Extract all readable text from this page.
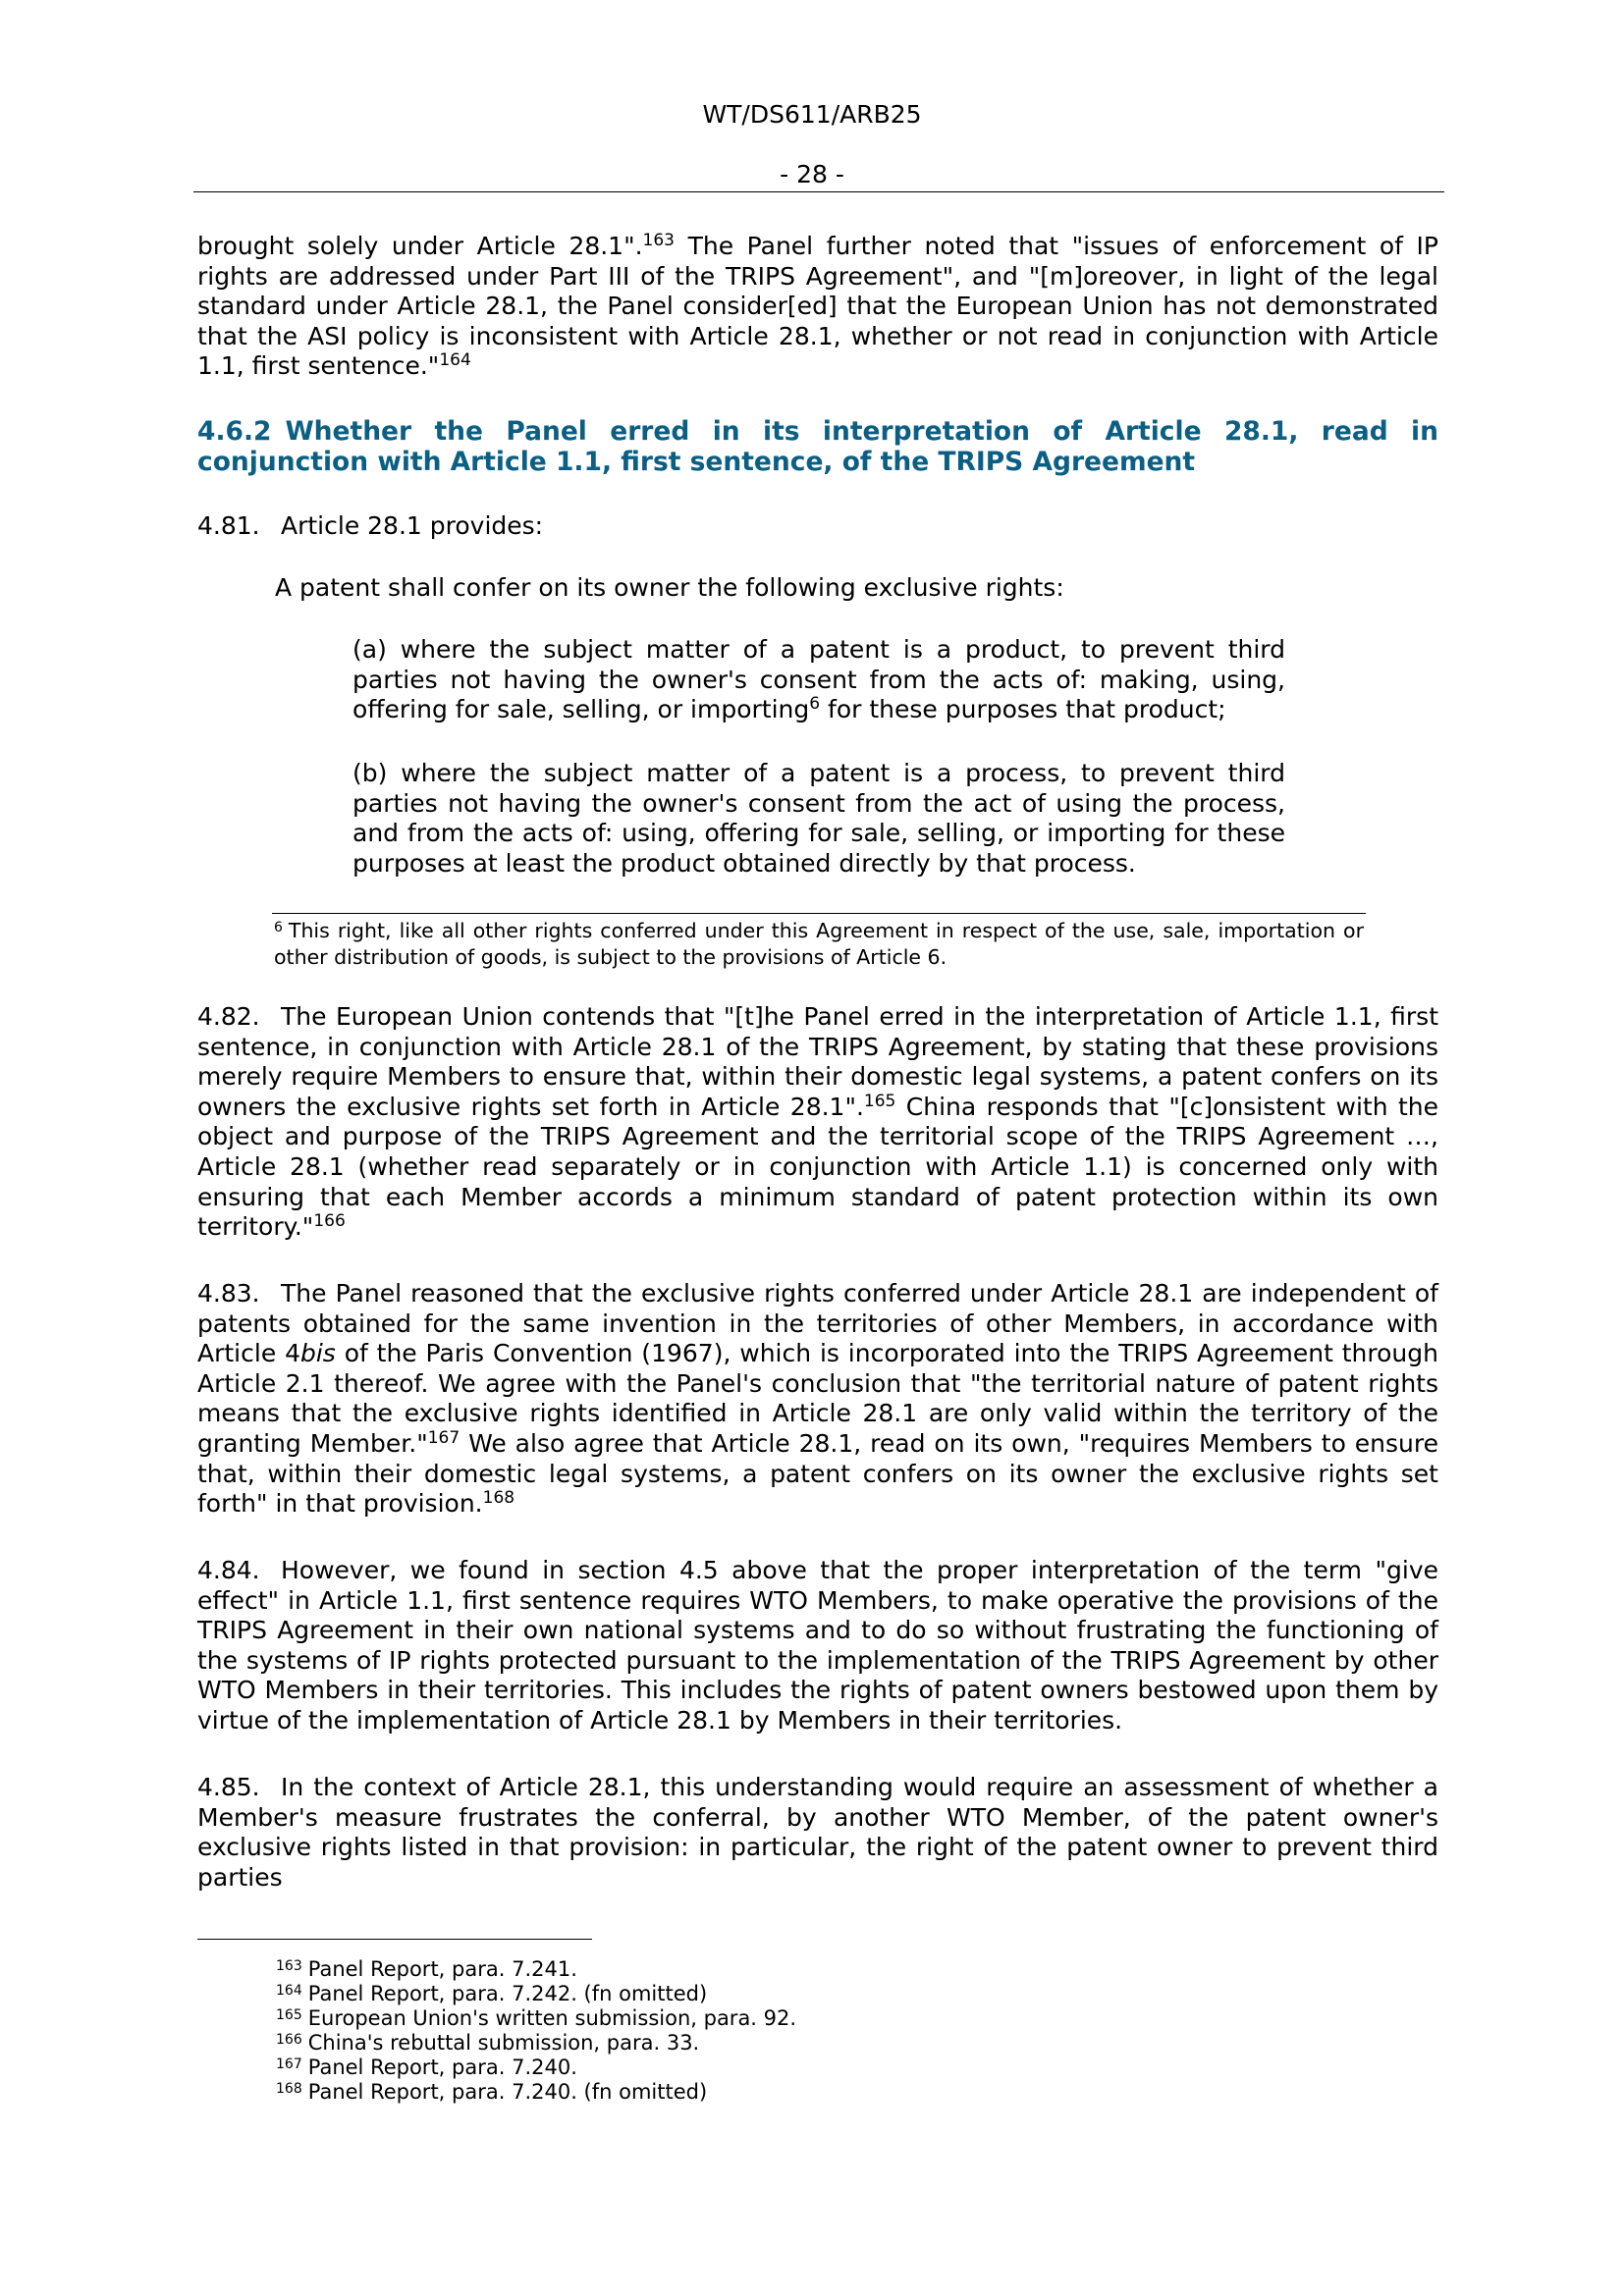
WT/DS611/ARB25
- 28 -

brought solely under Article 28.1".$^{163}$ The Panel further noted that "issues of enforcement of IP rights are addressed under Part III of the TRIPS Agreement", and "[m]oreover, in light of the legal standard under Article 28.1, the Panel consider[ed] that the European Union has not demonstrated that the ASI policy is inconsistent with Article 28.1, whether or not read in conjunction with Article 1.1, first sentence."$^{164}$

4.6.2 Whether the Panel erred in its interpretation of Article 28.1, read in conjunction with Article 1.1, first sentence, of the TRIPS Agreement

4.81. Article 28.1 provides:

A patent shall confer on its owner the following exclusive rights:

(a) where the subject matter of a patent is a product, to prevent third parties not having the owner's consent from the acts of: making, using, offering for sale, selling, or importing$^6$ for these purposes that product;

(b) where the subject matter of a patent is a process, to prevent third parties not having the owner's consent from the act of using the process, and from the acts of: using, offering for sale, selling, or importing for these purposes at least the product obtained directly by that process.

$^6$ This right, like all other rights conferred under this Agreement in respect of the use, sale, importation or other distribution of goods, is subject to the provisions of Article 6.

4.82. The European Union contends that "[t]he Panel erred in the interpretation of Article 1.1, first sentence, in conjunction with Article 28.1 of the TRIPS Agreement, by stating that these provisions merely require Members to ensure that, within their domestic legal systems, a patent confers on its owners the exclusive rights set forth in Article 28.1".$^{165}$ China responds that "[c]onsistent with the object and purpose of the TRIPS Agreement and the territorial scope of the TRIPS Agreement …, Article 28.1 (whether read separately or in conjunction with Article 1.1) is concerned only with ensuring that each Member accords a minimum standard of patent protection within its own territory."$^{166}$

4.83. The Panel reasoned that the exclusive rights conferred under Article 28.1 are independent of patents obtained for the same invention in the territories of other Members, in accordance with Article 4bis of the Paris Convention (1967), which is incorporated into the TRIPS Agreement through Article 2.1 thereof. We agree with the Panel's conclusion that "the territorial nature of patent rights means that the exclusive rights identified in Article 28.1 are only valid within the territory of the granting Member."$^{167}$ We also agree that Article 28.1, read on its own, "requires Members to ensure that, within their domestic legal systems, a patent confers on its owner the exclusive rights set forth" in that provision.$^{168}$

4.84. However, we found in section 4.5 above that the proper interpretation of the term "give effect" in Article 1.1, first sentence requires WTO Members, to make operative the provisions of the TRIPS Agreement in their own national systems and to do so without frustrating the functioning of the systems of IP rights protected pursuant to the implementation of the TRIPS Agreement by other WTO Members in their territories. This includes the rights of patent owners bestowed upon them by virtue of the implementation of Article 28.1 by Members in their territories.

4.85. In the context of Article 28.1, this understanding would require an assessment of whether a Member's measure frustrates the conferral, by another WTO Member, of the patent owner's exclusive rights listed in that provision: in particular, the right of the patent owner to prevent third parties

$^{163}$ Panel Report, para. 7.241.
$^{164}$ Panel Report, para. 7.242. (fn omitted)
$^{165}$ European Union's written submission, para. 92.
$^{166}$ China's rebuttal submission, para. 33.
$^{167}$ Panel Report, para. 7.240.
$^{168}$ Panel Report, para. 7.240. (fn omitted)
